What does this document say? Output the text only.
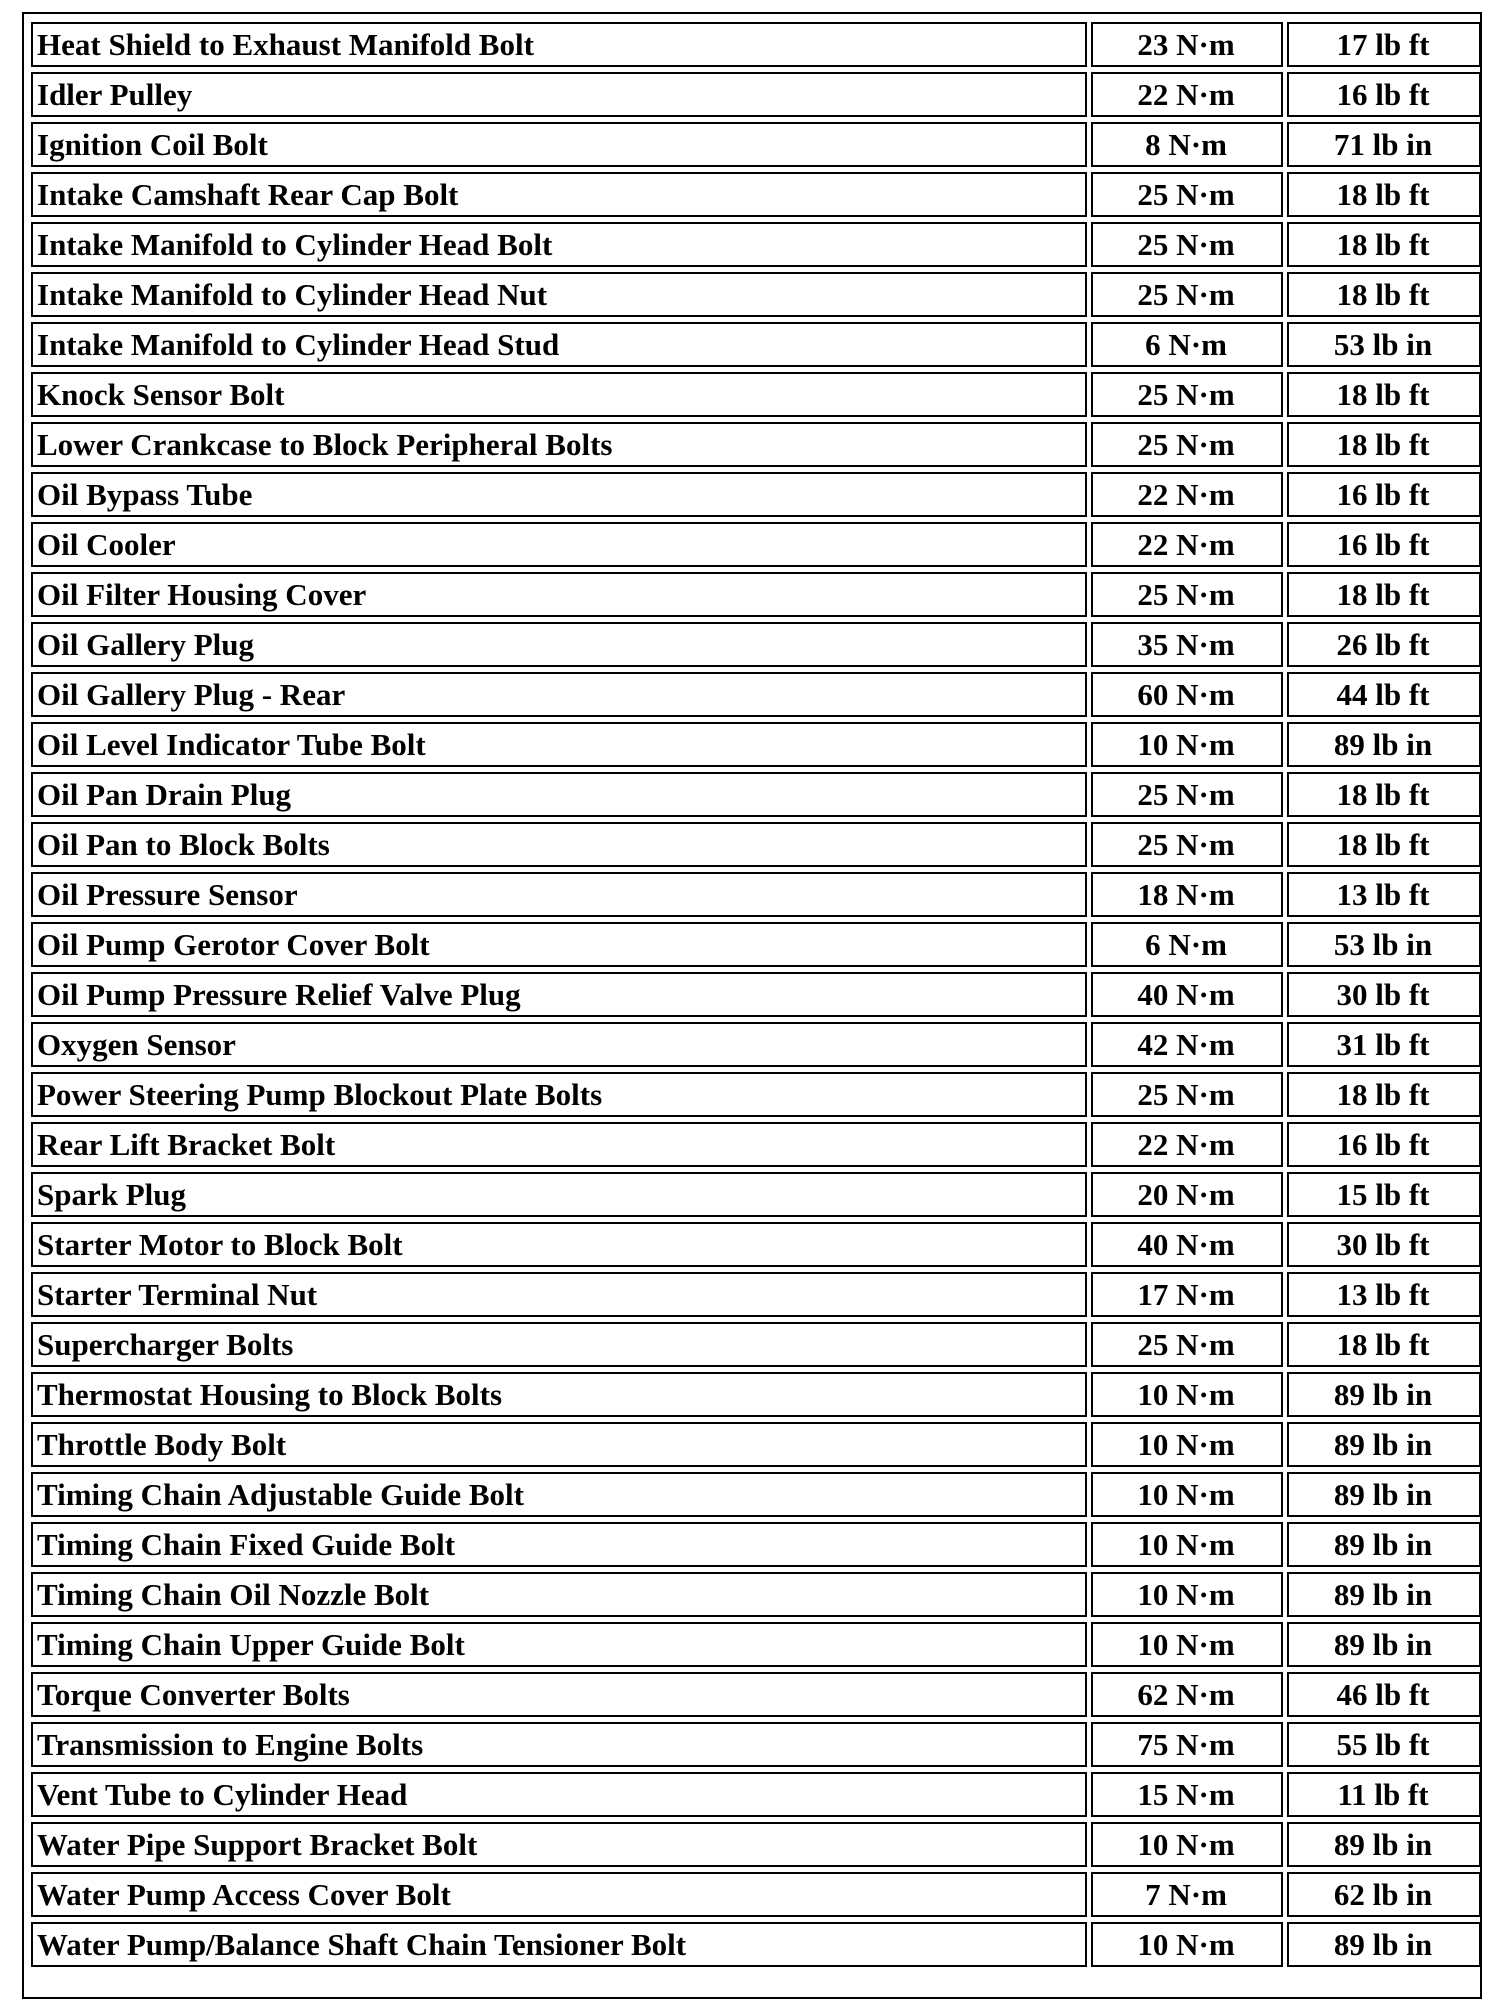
Heat Shield to Exhaust Manifold Bolt	23 N·m	17 lb ft
Idler Pulley	22 N·m	16 lb ft
Ignition Coil Bolt	8 N·m	71 lb in
Intake Camshaft Rear Cap Bolt	25 N·m	18 lb ft
Intake Manifold to Cylinder Head Bolt	25 N·m	18 lb ft
Intake Manifold to Cylinder Head Nut	25 N·m	18 lb ft
Intake Manifold to Cylinder Head Stud	6 N·m	53 lb in
Knock Sensor Bolt	25 N·m	18 lb ft
Lower Crankcase to Block Peripheral Bolts	25 N·m	18 lb ft
Oil Bypass Tube	22 N·m	16 lb ft
Oil Cooler	22 N·m	16 lb ft
Oil Filter Housing Cover	25 N·m	18 lb ft
Oil Gallery Plug	35 N·m	26 lb ft
Oil Gallery Plug - Rear	60 N·m	44 lb ft
Oil Level Indicator Tube Bolt	10 N·m	89 lb in
Oil Pan Drain Plug	25 N·m	18 lb ft
Oil Pan to Block Bolts	25 N·m	18 lb ft
Oil Pressure Sensor	18 N·m	13 lb ft
Oil Pump Gerotor Cover Bolt	6 N·m	53 lb in
Oil Pump Pressure Relief Valve Plug	40 N·m	30 lb ft
Oxygen Sensor	42 N·m	31 lb ft
Power Steering Pump Blockout Plate Bolts	25 N·m	18 lb ft
Rear Lift Bracket Bolt	22 N·m	16 lb ft
Spark Plug	20 N·m	15 lb ft
Starter Motor to Block Bolt	40 N·m	30 lb ft
Starter Terminal Nut	17 N·m	13 lb ft
Supercharger Bolts	25 N·m	18 lb ft
Thermostat Housing to Block Bolts	10 N·m	89 lb in
Throttle Body Bolt	10 N·m	89 lb in
Timing Chain Adjustable Guide Bolt	10 N·m	89 lb in
Timing Chain Fixed Guide Bolt	10 N·m	89 lb in
Timing Chain Oil Nozzle Bolt	10 N·m	89 lb in
Timing Chain Upper Guide Bolt	10 N·m	89 lb in
Torque Converter Bolts	62 N·m	46 lb ft
Transmission to Engine Bolts	75 N·m	55 lb ft
Vent Tube to Cylinder Head	15 N·m	11 lb ft
Water Pipe Support Bracket Bolt	10 N·m	89 lb in
Water Pump Access Cover Bolt	7 N·m	62 lb in
Water Pump/Balance Shaft Chain Tensioner Bolt	10 N·m	89 lb in
